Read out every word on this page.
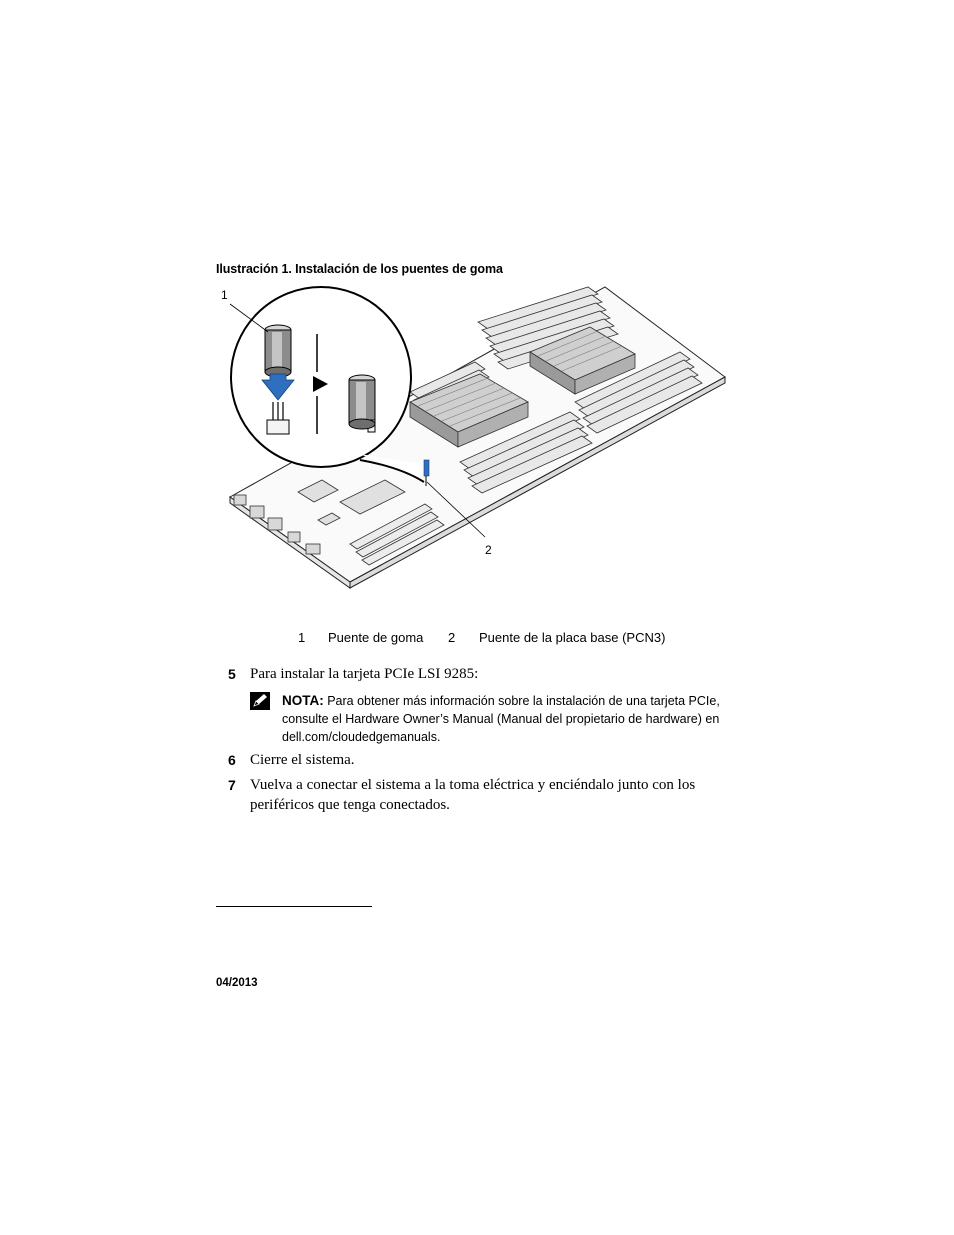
Ilustración 1. Instalación de los puentes de goma
1
2
1 Puente de goma 2 Puente de la placa base (PCN3)
5 Para instalar la tarjeta PCIe LSI 9285:
NOTA: Para obtener más información sobre la instalación de una tarjeta PCIe, consulte el Hardware Owner’s Manual (Manual del propietario de hardware) en dell.com/cloudedgemanuals.
6 Cierre el sistema.
7 Vuelva a conectar el sistema a la toma eléctrica y enciéndalo junto con los periféricos que tenga conectados.
04/2013
